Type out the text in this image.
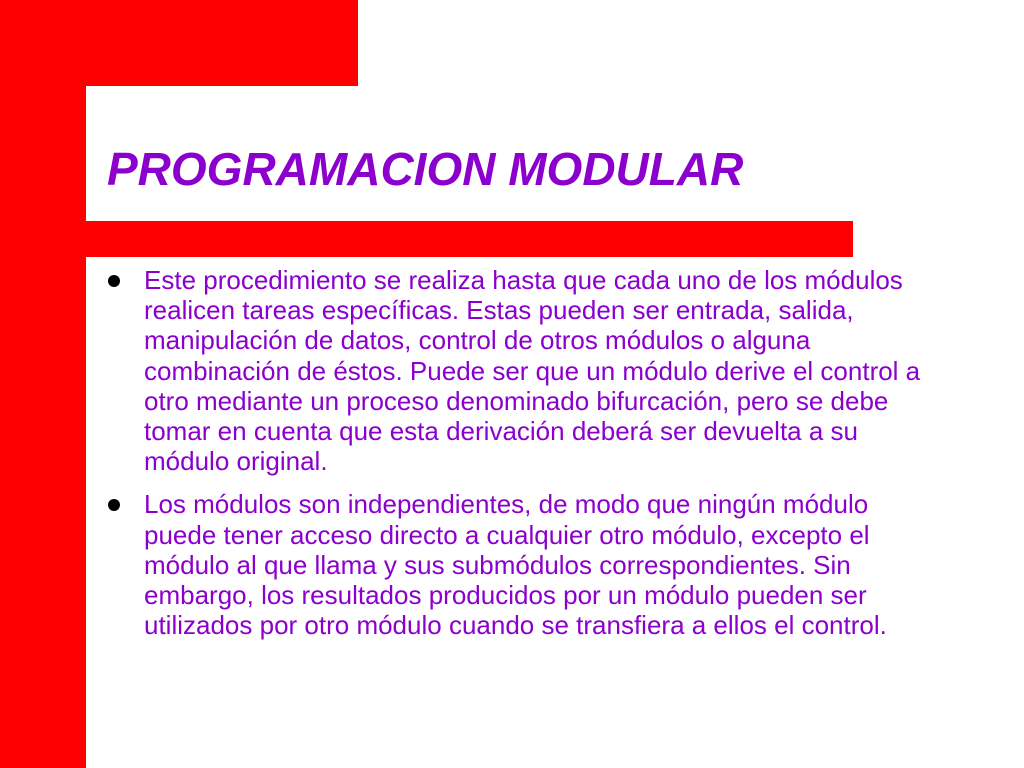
PROGRAMACION MODULAR
Este procedimiento se realiza hasta que cada uno de los módulos realicen tareas específicas. Estas pueden ser entrada, salida, manipulación de datos, control de otros módulos o alguna combinación de éstos. Puede ser que un módulo derive el control a otro mediante un proceso denominado bifurcación, pero se debe tomar en cuenta que esta derivación deberá ser devuelta a su módulo original.
Los módulos son independientes, de modo que ningún módulo puede tener acceso directo a cualquier otro módulo, excepto el módulo al que llama y sus submódulos correspondientes. Sin embargo, los resultados producidos por un módulo pueden ser utilizados por otro módulo cuando se transfiera a ellos el control.
